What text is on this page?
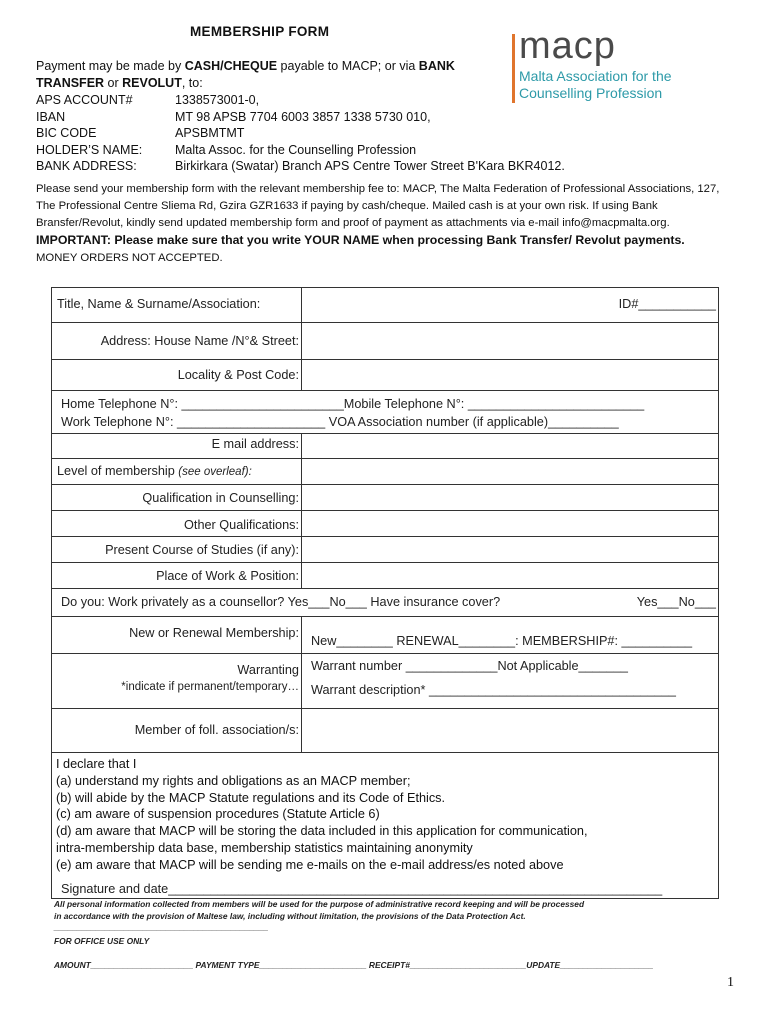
MEMBERSHIP FORM	macp
Malta Association for the
Counselling Profession
Payment may be made by CASH/CHEQUE payable to MACP; or via BANK TRANSFER or REVOLUT, to:
APS ACCOUNT#	1338573001-0,
IBAN	MT 98 APSB 7704 6003 3857 1338 5730 010,
BIC CODE	APSBMTMT
HOLDER’S NAME:	Malta Assoc. for the Counselling Profession
BANK ADDRESS:	Birkirkara (Swatar) Branch APS Centre Tower Street B'Kara BKR4012.
Please send your membership form with the relevant membership fee to: MACP, The Malta Federation of Professional Associations, 127, The Professional Centre Sliema Rd, Gzira GZR1633 if paying by cash/cheque. Mailed cash is at your own risk. If using Bank Bransfer/Revolut, kindly send updated membership form and proof of payment as attachments via e-mail info@macpmalta.org. IMPORTANT: Please make sure that you write YOUR NAME when processing Bank Transfer/ Revolut payments. MONEY ORDERS NOT ACCEPTED.
Title, Name & Surname/Association:	ID#___________
Address: House Name /N°& Street:
Locality & Post Code:
Home Telephone N°: _______________________Mobile Telephone N°: _________________________
Work Telephone N°: _____________________ VOA Association number (if applicable)__________
E mail address:
Level of membership (see overleaf):
Qualification in Counselling:
Other Qualifications:
Present Course of Studies (if any):
Place of Work & Position:
Do you: Work privately as a counsellor? Yes___No___ Have insurance cover?	Yes___No___
New or Renewal Membership:
New________ RENEWAL________: MEMBERSHIP#: __________
Warranting
*indicate if permanent/temporary…
Warrant number _____________Not Applicable_______
Warrant description* ___________________________________
Member of foll. association/s:
I declare that I
(a) understand my rights and obligations as an MACP member;
(b) will abide by the MACP Statute regulations and its Code of Ethics.
(c) am aware of suspension procedures (Statute Article 6)
(d) am aware that MACP will be storing the data included in this application for communication,
intra-membership data base, membership statistics maintaining anonymity
(e) am aware that MACP will be sending me e-mails on the e-mail address/es noted above
Signature and date______________________________________________________________________
All personal information collected from members will be used for the purpose of administrative record keeping and will be processed
in accordance with the provision of Maltese law, including without limitation, the provisions of the Data Protection Act.
______________________________________________
FOR OFFICE USE ONLY
AMOUNT______________________ PAYMENT TYPE_______________________ RECEIPT#_________________________UPDATE____________________
1
